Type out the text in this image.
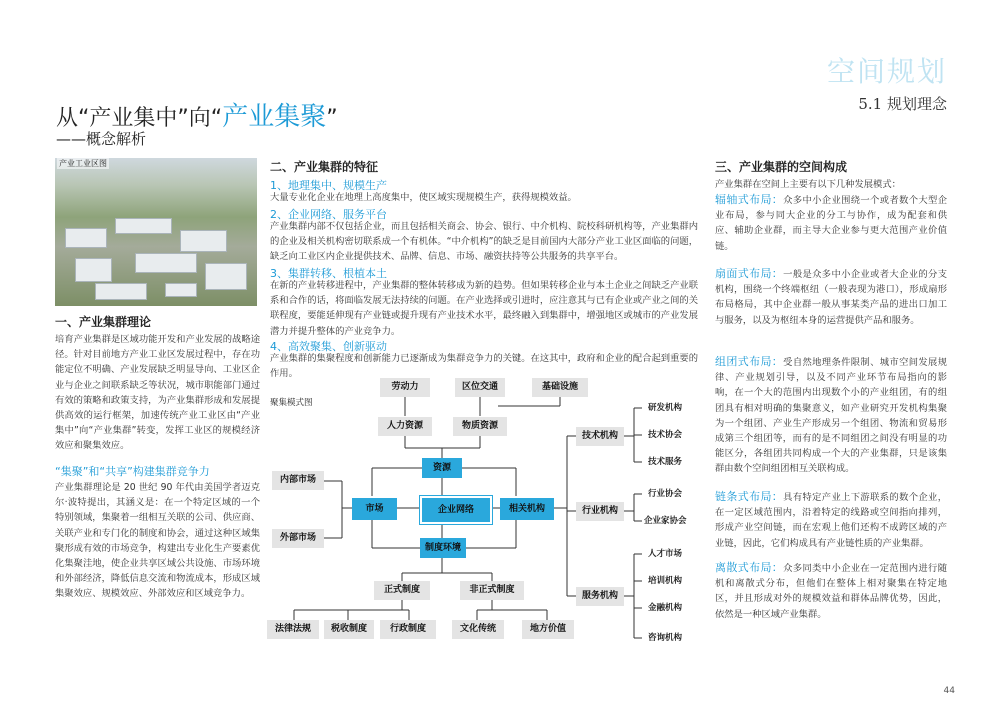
空间规划
5.1 规划理念
从“产业集中”向“产业集聚”
——概念解析
产业工业区图
一、产业集群理论
培育产业集群是区域功能开发和产业发展的战略途径。针对目前地方产业工业区发展过程中，存在功能定位不明确、产业发展缺乏明显导向、工业区企业与企业之间联系缺乏等状况，城市职能部门通过有效的策略和政策支持，为产业集群形成和发展提供高效的运行框架，加速传统产业工业区由“产业集中”向“产业集群”转变，发挥工业区的规模经济效应和聚集效应。
“集聚”和“共享”构建集群竞争力
产业集群理论是 20 世纪 90 年代由美国学者迈克尔·波特提出，其涵义是：在一个特定区域的一个特别领域，集聚着一组相互关联的公司、供应商、关联产业和专门化的制度和协会，通过这种区域集聚形成有效的市场竞争，构建出专业化生产要素优化集聚洼地，使企业共享区域公共设施、市场环境和外部经济，降低信息交流和物流成本，形成区域集聚效应、规模效应、外部效应和区域竞争力。
二、产业集群的特征
1、地理集中、规模生产
大量专业化企业在地理上高度集中，使区域实现规模生产，获得规模效益。
2、企业网络、服务平台
产业集群内部不仅包括企业，而且包括相关商会、协会、银行、中介机构、院校科研机构等，产业集群内的企业及相关机构密切联系成一个有机体。“中介机构”的缺乏是目前国内大部分产业工业区面临的问题，缺乏向工业区内企业提供技术、品牌、信息、市场、融资扶持等公共服务的共享平台。
3、集群转移、根植本土
在新的产业转移进程中，产业集群的整体转移成为新的趋势。但如果转移企业与本土企业之间缺乏产业联系和合作的话，将面临发展无法持续的问题。在产业选择或引进时，应注意其与已有企业或产业之间的关联程度，要能延伸现有产业链或提升现有产业技术水平，最终融入到集群中，增强地区或城市的产业发展潜力并提升整体的产业竞争力。
4、高效聚集、创新驱动
产业集群的集聚程度和创新能力已逐渐成为集群竞争力的关键。在这其中，政府和企业的配合起到重要的作用。
聚集模式图
劳动力	区位交通	基础设施
人力资源	物质资源
资源
内部市场
外部市场
市场	企业网络	相关机构
制度环境
正式制度	非正式制度
法律法规	税收制度	行政制度	文化传统	地方价值
技术机构
行业机构
服务机构
研发机构
技术协会
技术服务
行业协会
企业家协会
人才市场
培训机构
金融机构
咨询机构
三、产业集群的空间构成
产业集群在空间上主要有以下几种发展模式：
辐轴式布局：众多中小企业围绕一个或者数个大型企业布局，参与同大企业的分工与协作，成为配套和供应、辅助企业群，而主导大企业参与更大范围产业价值链。
扇面式布局：一般是众多中小企业或者大企业的分支机构，围绕一个终端枢纽（一般表现为港口），形成扇形布局格局，其中企业群一般从事某类产品的进出口加工与服务，以及为枢纽本身的运营提供产品和服务。
组团式布局：受自然地理条件限制、城市空间发展规律、产业规划引导，以及不同产业环节布局指向的影响，在一个大的范围内出现数个小的产业组团，有的组团具有相对明确的集聚意义，如产业研究开发机构集聚为一个组团、产业生产形成另一个组团、物流和贸易形成第三个组团等，而有的是不同组团之间没有明显的功能区分，各组团共同构成一个大的产业集群，只是该集群由数个空间组团相互关联构成。
链条式布局：具有特定产业上下游联系的数个企业，在一定区域范围内，沿着特定的线路或空间指向排列，形成产业空间链，而在宏观上他们还构不成跨区域的产业链，因此，它们构成具有产业链性质的产业集群。
离散式布局：众多同类中小企业在一定范围内进行随机和离散式分布，但他们在整体上相对聚集在特定地区，并且形成对外的规模效益和群体品牌优势，因此，依然是一种区域产业集群。
44
